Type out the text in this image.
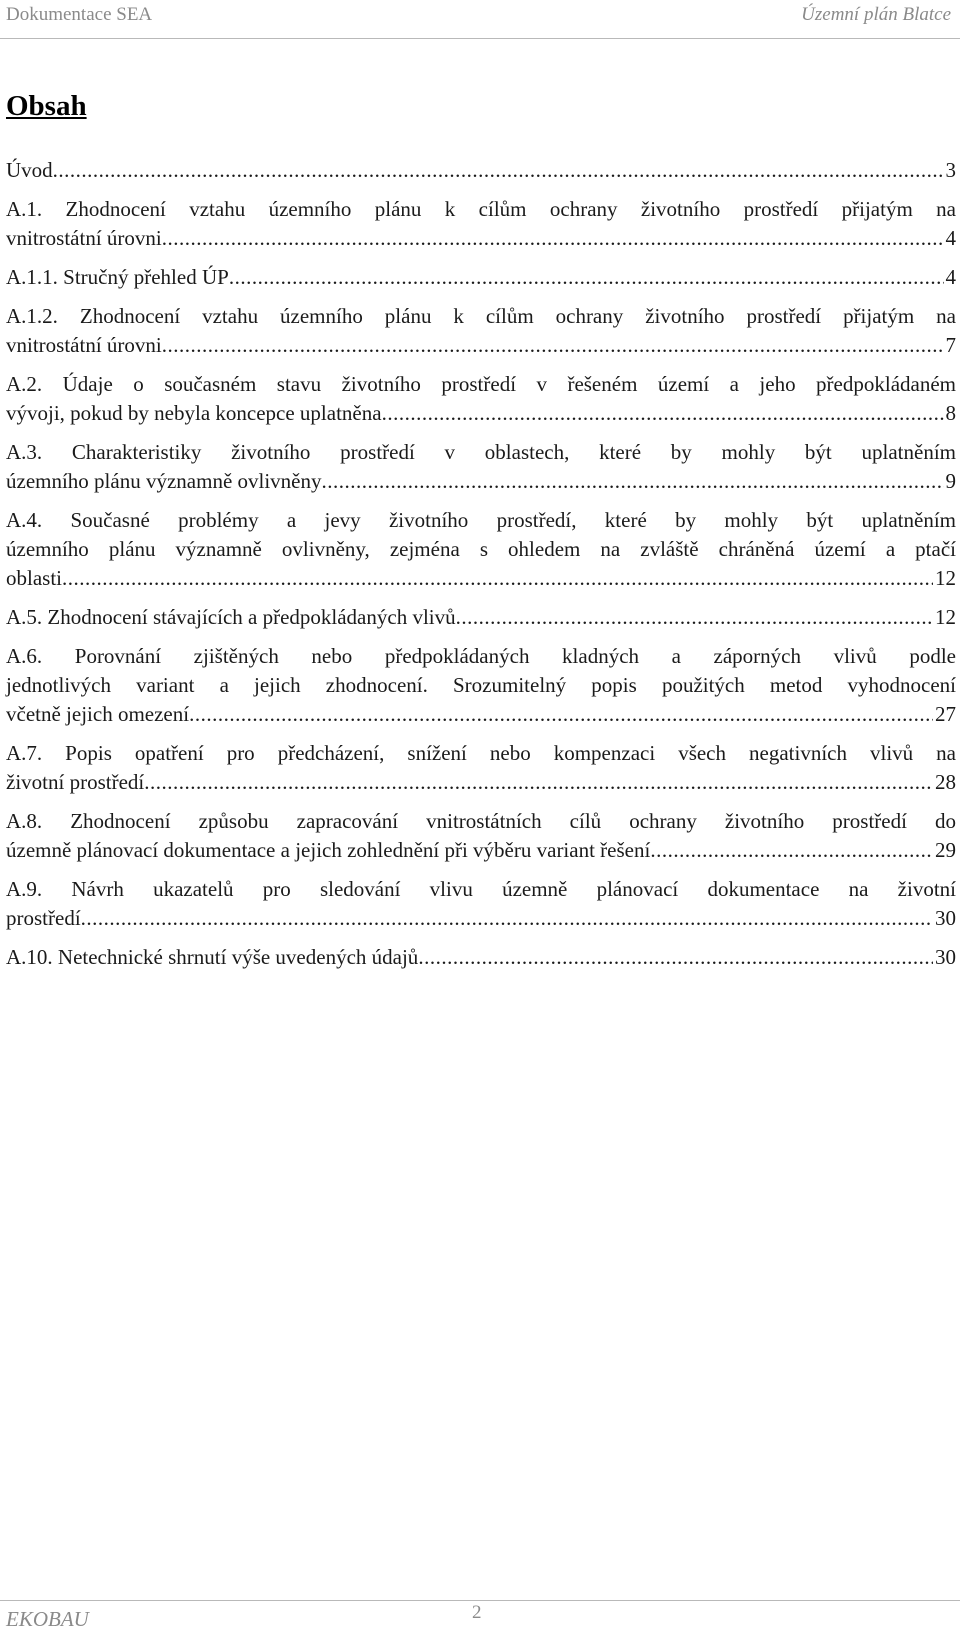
Dokumentace SEA	Územní plán Blatce
Obsah
Úvod .....	3
A.1. Zhodnocení vztahu územního plánu k cílům ochrany životního prostředí přijatým na
vnitrostátní úrovni .....	4
A.1.1. Stručný přehled ÚP .....	4
A.1.2. Zhodnocení vztahu územního plánu k cílům ochrany životního prostředí přijatým na
vnitrostátní úrovni .....	7
A.2. Údaje o současném stavu životního prostředí v řešeném území a jeho předpokládaném
vývoji, pokud by nebyla koncepce uplatněna .....	8
A.3. Charakteristiky životního prostředí v oblastech, které by mohly být uplatněním
územního plánu významně ovlivněny .....	9
A.4. Současné problémy a jevy životního prostředí, které by mohly být uplatněním
územního plánu významně ovlivněny, zejména s ohledem na zvláště chráněná území a ptačí
oblasti .....	12
A.5. Zhodnocení stávajících a předpokládaných vlivů .....	12
A.6. Porovnání zjištěných nebo předpokládaných kladných a záporných vlivů podle
jednotlivých variant a jejich zhodnocení. Srozumitelný popis použitých metod vyhodnocení
včetně jejich omezení .....	27
A.7. Popis opatření pro předcházení, snížení nebo kompenzaci všech negativních vlivů na
životní prostředí .....	28
A.8. Zhodnocení způsobu zapracování vnitrostátních cílů ochrany životního prostředí do
územně plánovací dokumentace a jejich zohlednění při výběru variant řešení .....	29
A.9. Návrh ukazatelů pro sledování vlivu územně plánovací dokumentace na životní
prostředí .....	30
A.10. Netechnické shrnutí výše uvedených údajů .....	30
EKOBAU	2
